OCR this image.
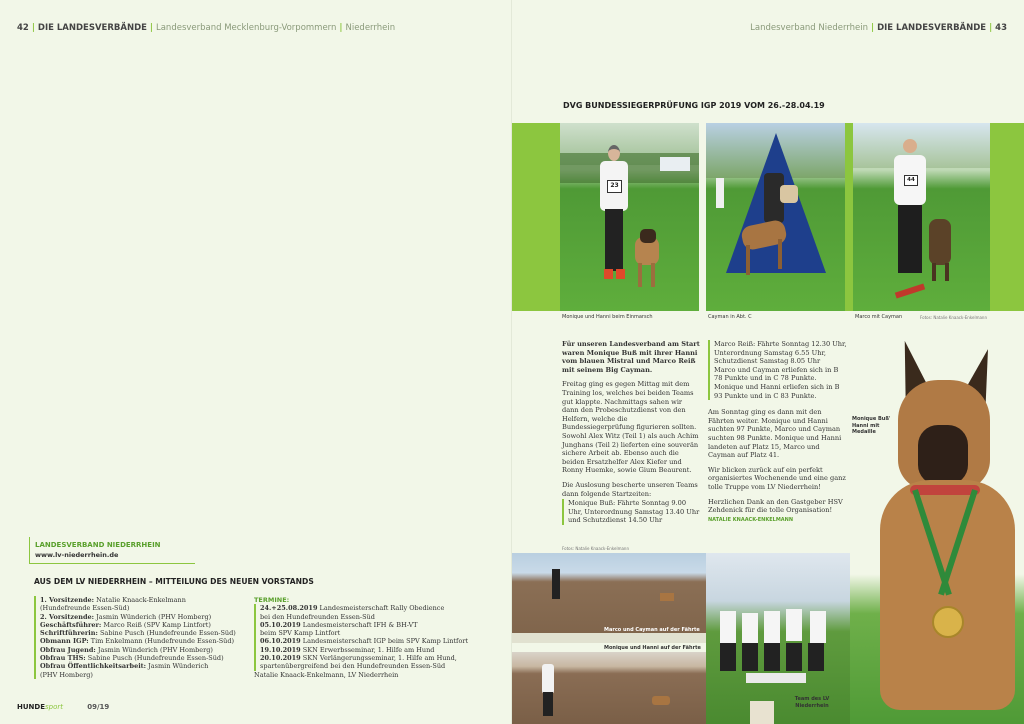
42 | DIE LANDESVERBÄNDE | Landesverband Mecklenburg-Vorpommern | Niederrhein	Landesverband Niederrhein | DIE LANDESVERBÄNDE | 43
LANDESVERBAND NIEDERRHEIN
www.lv-niederrhein.de
AUS DEM LV NIEDERRHEIN – MITTEILUNG DES NEUEN VORSTANDS
1. Vorsitzende: Natalie Knaack-Enkelmann
(Hundefreunde Essen-Süd)
2. Vorsitzende: Jasmin Wünderich (PHV Homberg)
Geschäftsführer: Marco Reiß (SPV Kamp Lintfort)
Schriftführerin: Sabine Pusch (Hundefreunde Essen-Süd)
Obmann IGP: Tim Enkelmann (Hundefreunde Essen-Süd)
Obfrau Jugend: Jasmin Wünderich (PHV Homberg)
Obfrau THS: Sabine Pusch (Hundefreunde Essen-Süd)
Obfrau Öffentlichkeitsarbeit: Jasmin Wünderich
(PHV Homberg)
TERMINE:
24.+25.08.2019 Landesmeisterschaft Rally Obedience
bei den Hundefreunden Essen-Süd
05.10.2019 Landesmeisterschaft IFH & BH-VT
beim SPV Kamp Lintfort
06.10.2019 Landesmeisterschaft IGP beim SPV Kamp Lintfort
19.10.2019 SKN Erwerbsseminar, 1. Hilfe am Hund
20.10.2019 SKN Verlängerungsseminar, 1. Hilfe am Hund,
spartenübergreifend bei den Hundefreunden Essen-Süd
Natalie Knaack-Enkelmann, LV Niederrhein
HUNDEsport	09/19
DVG BUNDESSIEGERPRÜFUNG IGP 2019 VOM 26.-28.04.19
23
44
Monique und Hanni beim Einmarsch	Cayman in Abt. C	Marco mit Cayman	Fotos: Natalie Knaack-Enkelmann

Für unseren Landesverband am Start waren Monique Buß mit ihrer Hanni vom blauen Mistral und Marco Reiß mit seinem Big Cayman.

Freitag ging es gegen Mittag mit dem Training los, welches bei beiden Teams gut klappte. Nachmittags sahen wir dann den Probeschutzdienst von den Helfern, welche die Bundessiegerprüfung figurieren sollten. Sowohl Alex Witz (Teil 1) als auch Achim Junghans (Teil 2) lieferten eine souverän sichere Arbeit ab. Ebenso auch die beiden Ersatzhelfer Alex Kiefer und Ronny Huemke, sowie Gium Beaurent.

Die Auslosung bescherte unseren Teams dann folgende Startzeiten:

Monique Buß: Fährte Sonntag 9.00 Uhr, Unterordnung Samstag 13.40 Uhr und Schutzdienst 14.50 Uhr

Fotos: Natalie Knaack-Enkelmann
Marco Reiß: Fährte Sonntag 12.30 Uhr, Unterordnung Samstag 6.55 Uhr, Schutzdienst Samstag 8.05 Uhr
Marco und Cayman erliefen sich in B 78 Punkte und in C 78 Punkte.
Monique und Hanni erliefen sich in B 93 Punkte und in C 83 Punkte.

Am Sonntag ging es dann mit den Fährten weiter. Monique und Hanni suchten 97 Punkte, Marco und Cayman suchten 98 Punkte. Monique und Hanni landeten auf Platz 15, Marco und Cayman auf Platz 41.

Wir blicken zurück auf ein perfekt organisiertes Wochenende und eine ganz tolle Truppe vom LV Niederrhein!

Herzlichen Dank an den Gastgeber HSV Zehdenick für die tolle Organisation!

NATALIE KNAACK-ENKELMANN
Monique Buß' Hanni mit Medaille
Marco und Cayman auf der Fährte
Monique und Hanni auf der Fährte
Team des LV Niederrhein
